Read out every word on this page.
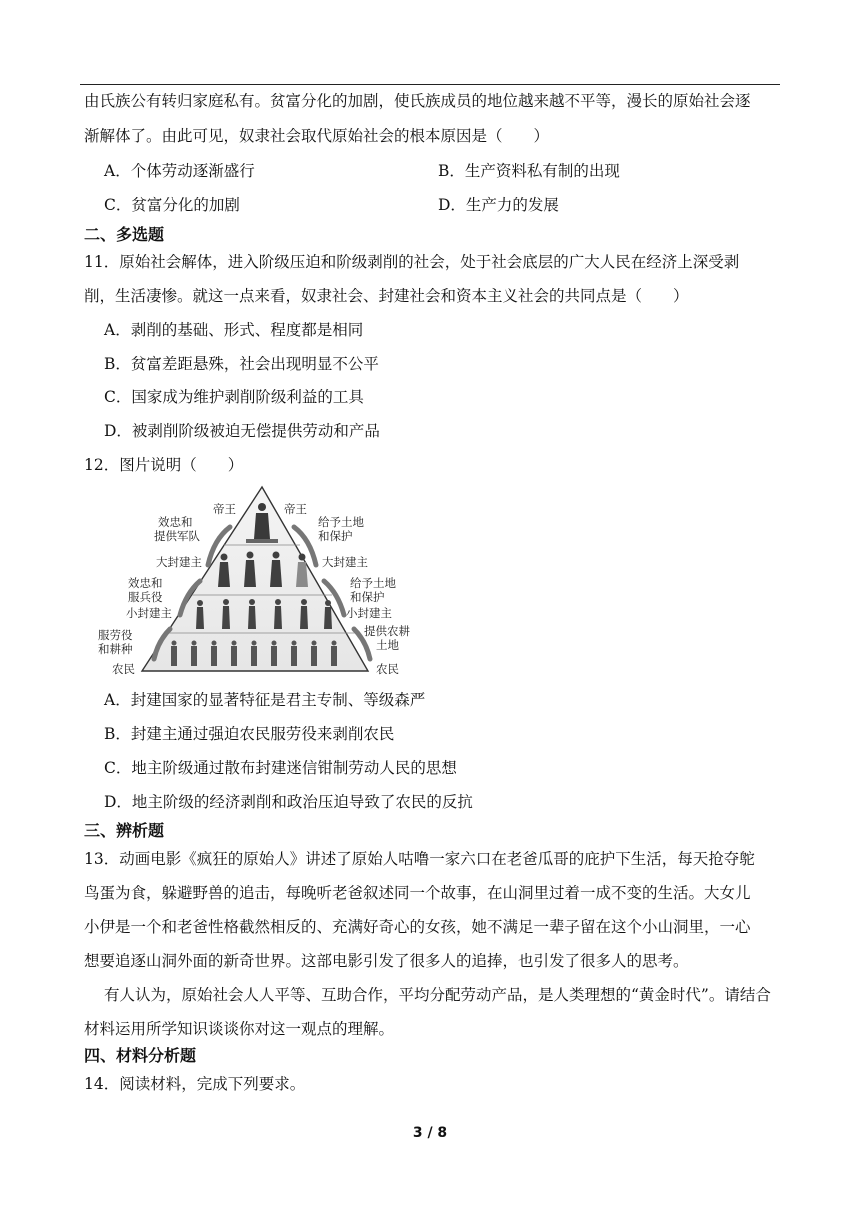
由氏族公有转归家庭私有。贫富分化的加剧，使氏族成员的地位越来越不平等，漫长的原始社会逐
渐解体了。由此可见，奴隶社会取代原始社会的根本原因是（　　）
A．个体劳动逐渐盛行	B．生产资料私有制的出现
C．贫富分化的加剧	D．生产力的发展
二、多选题
11．原始社会解体，进入阶级压迫和阶级剥削的社会，处于社会底层的广大人民在经济上深受剥
削，生活凄惨。就这一点来看，奴隶社会、封建社会和资本主义社会的共同点是（　　）
A．剥削的基础、形式、程度都是相同
B．贫富差距悬殊，社会出现明显不公平
C．国家成为维护剥削阶级利益的工具
D．被剥削阶级被迫无偿提供劳动和产品
12．图片说明（　　）
帝王	帝王
效忠和
提供军队
给予土地
和保护
大封建主	大封建主
效忠和
服兵役
给予土地
和保护
小封建主	小封建主
服劳役
和耕种
提供农耕
土地
农民	农民
A．封建国家的显著特征是君主专制、等级森严
B．封建主通过强迫农民服劳役来剥削农民
C．地主阶级通过散布封建迷信钳制劳动人民的思想
D．地主阶级的经济剥削和政治压迫导致了农民的反抗
三、辨析题
13．动画电影《疯狂的原始人》讲述了原始人咕噜一家六口在老爸瓜哥的庇护下生活，每天抢夺鸵
鸟蛋为食，躲避野兽的追击，每晚听老爸叙述同一个故事，在山洞里过着一成不变的生活。大女儿
小伊是一个和老爸性格截然相反的、充满好奇心的女孩，她不满足一辈子留在这个小山洞里，一心
想要追逐山洞外面的新奇世界。这部电影引发了很多人的追捧，也引发了很多人的思考。
有人认为，原始社会人人平等、互助合作，平均分配劳动产品，是人类理想的“黄金时代”。请结合
材料运用所学知识谈谈你对这一观点的理解。
四、材料分析题
14．阅读材料，完成下列要求。
3 / 8
